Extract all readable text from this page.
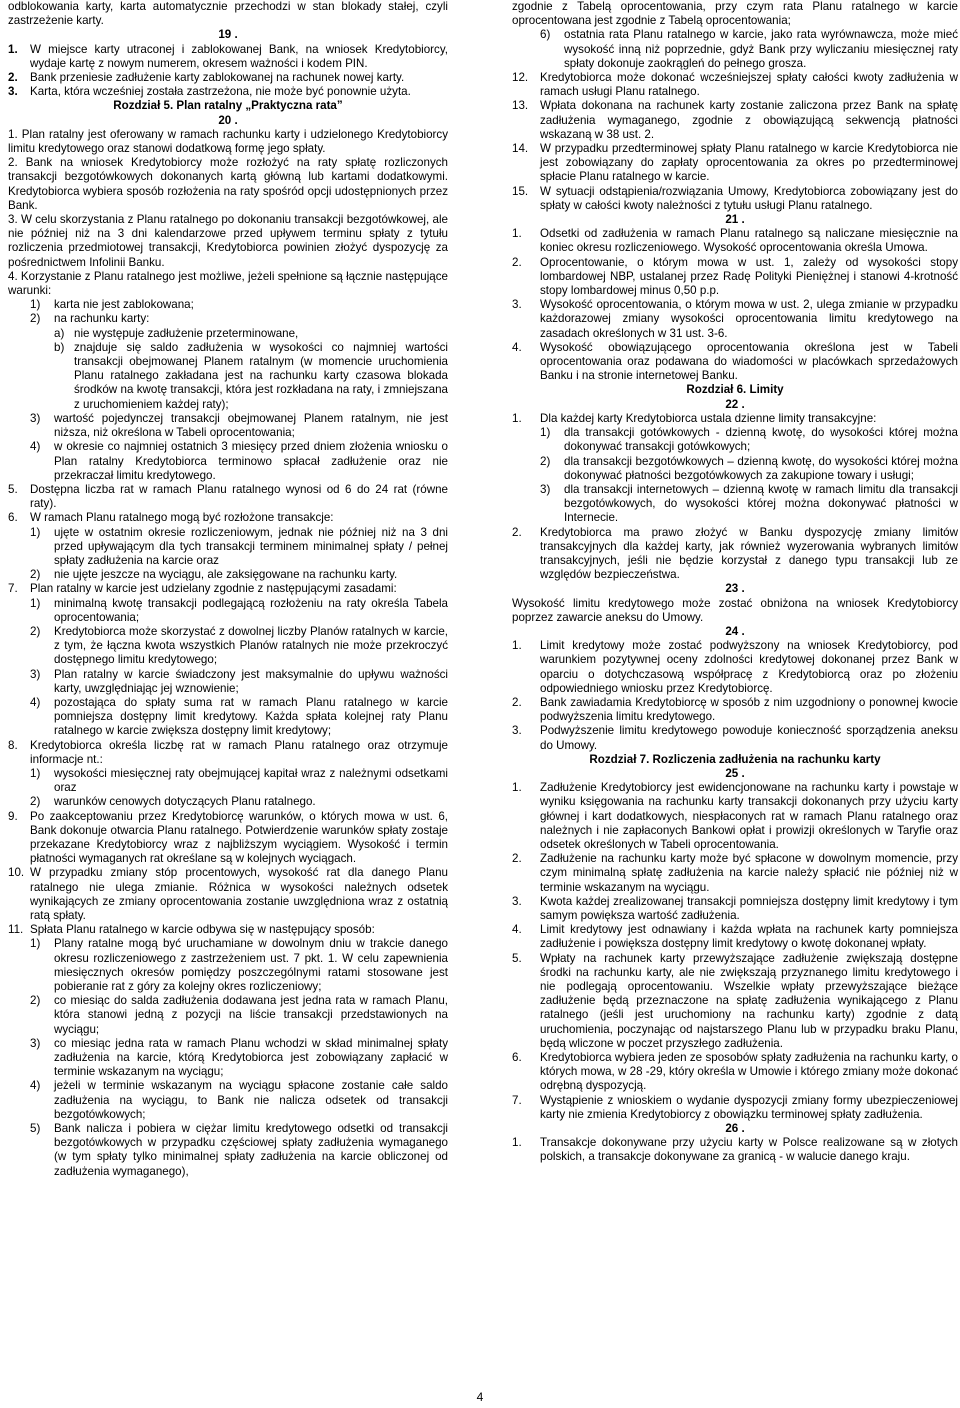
odblokowania karty, karta automatycznie przechodzi w stan blokady stałej, czyli zastrzeżenie karty.

19 .

1.	W miejsce karty utraconej i zablokowanej Bank, na wniosek Kredytobiorcy, wydaje kartę z nowym numerem, okresem ważności i kodem PIN.
2.	Bank przeniesie zadłużenie karty zablokowanej na rachunek nowej karty.
3.	Karta, która wcześniej została zastrzeżona, nie może być ponownie użyta.

Rozdział 5. Plan ratalny „Praktyczna rata”

20 .

1. Plan ratalny jest oferowany w ramach rachunku karty i udzielonego Kredytobiorcy limitu kredytowego oraz stanowi dodatkową formę jego spłaty.

2. Bank na wniosek Kredytobiorcy może rozłożyć na raty spłatę rozliczonych transakcji bezgotówkowych dokonanych kartą główną lub kartami dodatkowymi. Kredytobiorca wybiera sposób rozłożenia na raty spośród opcji udostępnionych przez Bank.

3. W celu skorzystania z Planu ratalnego po dokonaniu transakcji bezgotówkowej, ale nie później niż na 3 dni kalendarzowe przed upływem terminu spłaty z tytułu rozliczenia przedmiotowej transakcji, Kredytobiorca powinien złożyć dyspozycję za pośrednictwem Infolinii Banku.

4. Korzystanie z Planu ratalnego jest możliwe, jeżeli spełnione są łącznie następujące warunki:

1)	karta nie jest zablokowana;
2)	na rachunku karty:
a) nie występuje zadłużenie przeterminowane,
b) znajduje się saldo zadłużenia w wysokości co najmniej wartości transakcji obejmowanej Planem ratalnym (w momencie uruchomienia Planu ratalnego zakładana jest na rachunku karty czasowa blokada środków na kwotę transakcji, która jest rozkładana na raty, i zmniejszana z uruchomieniem każdej raty);
3)	wartość pojedynczej transakcji obejmowanej Planem ratalnym, nie jest niższa, niż określona w Tabeli oprocentowania;
4)	w okresie co najmniej ostatnich 3 miesięcy przed dniem złożenia wniosku o Plan ratalny Kredytobiorca terminowo spłacał zadłużenie oraz nie przekraczał limitu kredytowego.
5.	Dostępna liczba rat w ramach Planu ratalnego wynosi od 6 do 24 rat (równe raty).
6.	W ramach Planu ratalnego mogą być rozłożone transakcje:
1)	ujęte w ostatnim okresie rozliczeniowym, jednak nie później niż na 3 dni przed upływającym dla tych transakcji terminem minimalnej spłaty / pełnej spłaty zadłużenia na karcie oraz
2)	nie ujęte jeszcze na wyciągu, ale zaksięgowane na rachunku karty.
7.	Plan ratalny w karcie jest udzielany zgodnie z następującymi zasadami:
1)	minimalną kwotę transakcji podlegającą rozłożeniu na raty określa Tabela oprocentowania;
2)	Kredytobiorca może skorzystać z dowolnej liczby Planów ratalnych w karcie, z tym, że łączna kwota wszystkich Planów ratalnych nie może przekroczyć dostępnego limitu kredytowego;
3)	Plan ratalny w karcie świadczony jest maksymalnie do upływu ważności karty, uwzględniając jej wznowienie;
4)	pozostająca do spłaty suma rat w ramach Planu ratalnego w karcie pomniejsza dostępny limit kredytowy. Każda spłata kolejnej raty Planu ratalnego w karcie zwiększa dostępny limit kredytowy;
8.	Kredytobiorca określa liczbę rat w ramach Planu ratalnego oraz otrzymuje informacje nt.:
1)	wysokości miesięcznej raty obejmującej kapitał wraz z należnymi odsetkami oraz
2)	warunków cenowych dotyczących Planu ratalnego.
9.	Po zaakceptowaniu przez Kredytobiorcę warunków, o których mowa w ust. 6, Bank dokonuje otwarcia Planu ratalnego. Potwierdzenie warunków spłaty zostaje przekazane Kredytobiorcy wraz z najbliższym wyciągiem. Wysokość i termin płatności wymaganych rat określane są w kolejnych wyciągach.
10. W przypadku zmiany stóp procentowych, wysokość rat dla danego Planu ratalnego nie ulega zmianie. Różnica w wysokości należnych odsetek wynikających ze zmiany oprocentowania zostanie uwzględniona wraz z ostatnią ratą spłaty.
11. Spłata Planu ratalnego w karcie odbywa się w następujący sposób:
1)	Plany ratalne mogą być uruchamiane w dowolnym dniu w trakcie danego okresu rozliczeniowego z zastrzeżeniem ust. 7 pkt. 1. W celu zapewnienia miesięcznych okresów pomiędzy poszczególnymi ratami stosowane jest pobieranie rat z góry za kolejny okres rozliczeniowy;
2)	co miesiąc do salda zadłużenia dodawana jest jedna rata w ramach Planu, która stanowi jedną z pozycji na liście transakcji przedstawionych na wyciągu;
3)	co miesiąc jedna rata w ramach Planu wchodzi w skład minimalnej spłaty zadłużenia na karcie, którą Kredytobiorca jest zobowiązany zapłacić w terminie wskazanym na wyciągu;
4)	jeżeli w terminie wskazanym na wyciągu spłacone zostanie całe saldo zadłużenia na wyciągu, to Bank nie nalicza odsetek od transakcji bezgotówkowych;
5)	Bank nalicza i pobiera w ciężar limitu kredytowego odsetki od transakcji bezgotówkowych w przypadku częściowej spłaty zadłużenia wymaganego (w tym spłaty tylko minimalnej spłaty zadłużenia na karcie obliczonej od zadłużenia wymaganego),

zgodnie z Tabelą oprocentowania, przy czym rata Planu ratalnego w karcie oprocentowana jest zgodnie z Tabelą oprocentowania;

6)	ostatnia rata Planu ratalnego w karcie, jako rata wyrównawcza, może mieć wysokość inną niż poprzednie, gdyż Bank przy wyliczaniu miesięcznej raty spłaty dokonuje zaokrągleń do pełnego grosza.
12.	Kredytobiorca może dokonać wcześniejszej spłaty całości kwoty zadłużenia w ramach usługi Planu ratalnego.
13.	Wpłata dokonana na rachunek karty zostanie zaliczona przez Bank na spłatę zadłużenia wymaganego, zgodnie z obowiązującą sekwencją płatności wskazaną w 38 ust. 2.
14.	W przypadku przedterminowej spłaty Planu ratalnego w karcie Kredytobiorca nie jest zobowiązany do zapłaty oprocentowania za okres po przedterminowej spłacie Planu ratalnego w karcie.
15.	W sytuacji odstąpienia/rozwiązania Umowy, Kredytobiorca zobowiązany jest do spłaty w całości kwoty należności z tytułu usługi Planu ratalnego.

21 .

1.	Odsetki od zadłużenia w ramach Planu ratalnego są naliczane miesięcznie na koniec okresu rozliczeniowego. Wysokość oprocentowania określa Umowa.
2.	Oprocentowanie, o którym mowa w ust. 1, zależy od wysokości stopy lombardowej NBP, ustalanej przez Radę Polityki Pieniężnej i stanowi 4-krotność stopy lombardowej minus 0,50 p.p.
3.	Wysokość oprocentowania, o którym mowa w ust. 2, ulega zmianie w przypadku każdorazowej zmiany wysokości oprocentowania limitu kredytowego na zasadach określonych w 31 ust. 3-6.
4.	Wysokość obowiązującego oprocentowania określona jest w Tabeli oprocentowania oraz podawana do wiadomości w placówkach sprzedażowych Banku i na stronie internetowej Banku.

Rozdział 6. Limity

22 .

1.	Dla każdej karty Kredytobiorca ustala dzienne limity transakcyjne:
1)	dla transakcji gotówkowych - dzienną kwotę, do wysokości której można dokonywać transakcji gotówkowych;
2)	dla transakcji bezgotówkowych – dzienną kwotę, do wysokości której można dokonywać płatności bezgotówkowych za zakupione towary i usługi;
3)	dla transakcji internetowych – dzienną kwotę w ramach limitu dla transakcji bezgotówkowych, do wysokości której można dokonywać płatności w Internecie.
2.	Kredytobiorca ma prawo złożyć w Banku dyspozycję zmiany limitów transakcyjnych dla każdej karty, jak również wyzerowania wybranych limitów transakcyjnych, jeśli nie będzie korzystał z danego typu transakcji lub ze względów bezpieczeństwa.

23 .

Wysokość limitu kredytowego może zostać obniżona na wniosek Kredytobiorcy poprzez zawarcie aneksu do Umowy.

24 .

1.	Limit kredytowy może zostać podwyższony na wniosek Kredytobiorcy, pod warunkiem pozytywnej oceny zdolności kredytowej dokonanej przez Bank w oparciu o dotychczasową współpracę z Kredytobiorcą oraz po złożeniu odpowiedniego wniosku przez Kredytobiorcę.
2.	Bank zawiadamia Kredytobiorcę w sposób z nim uzgodniony o ponownej kwocie podwyższenia limitu kredytowego.
3.	Podwyższenie limitu kredytowego powoduje konieczność sporządzenia aneksu do Umowy.

Rozdział 7. Rozliczenia zadłużenia na rachunku karty

25 .

1.	Zadłużenie Kredytobiorcy jest ewidencjonowane na rachunku karty i powstaje w wyniku księgowania na rachunku karty transakcji dokonanych przy użyciu karty głównej i kart dodatkowych, niespłaconych rat w ramach Planu ratalnego oraz należnych i nie zapłaconych Bankowi opłat i prowizji określonych w Taryfie oraz odsetek określonych w Tabeli oprocentowania.
2.	Zadłużenie na rachunku karty może być spłacone w dowolnym momencie, przy czym minimalną spłatę zadłużenia na karcie należy spłacić nie później niż w terminie wskazanym na wyciągu.
3.	Kwota każdej zrealizowanej transakcji pomniejsza dostępny limit kredytowy i tym samym powiększa wartość zadłużenia.
4.	Limit kredytowy jest odnawiany i każda wpłata na rachunek karty pomniejsza zadłużenie i powiększa dostępny limit kredytowy o kwotę dokonanej wpłaty.
5.	Wpłaty na rachunek karty przewyższające zadłużenie zwiększają dostępne środki na rachunku karty, ale nie zwiększają przyznanego limitu kredytowego i nie podlegają oprocentowaniu. Wszelkie wpłaty przewyższające bieżące zadłużenie będą przeznaczone na spłatę zadłużenia wynikającego z Planu ratalnego (jeśli jest uruchomiony na rachunku karty) zgodnie z datą uruchomienia, poczynając od najstarszego Planu lub w przypadku braku Planu, będą wliczone w poczet przyszłego zadłużenia.
6.	Kredytobiorca wybiera jeden ze sposobów spłaty zadłużenia na rachunku karty, o których mowa, w 28 -29, który określa w Umowie i którego zmiany może dokonać odrębną dyspozycją.
7.	Wystąpienie z wnioskiem o wydanie dyspozycji zmiany formy ubezpieczeniowej karty nie zmienia Kredytobiorcy z obowiązku terminowej spłaty zadłużenia.

26 .

1.	Transakcje dokonywane przy użyciu karty w Polsce realizowane są w złotych polskich, a transakcje dokonywane za granicą - w walucie danego kraju.
4
